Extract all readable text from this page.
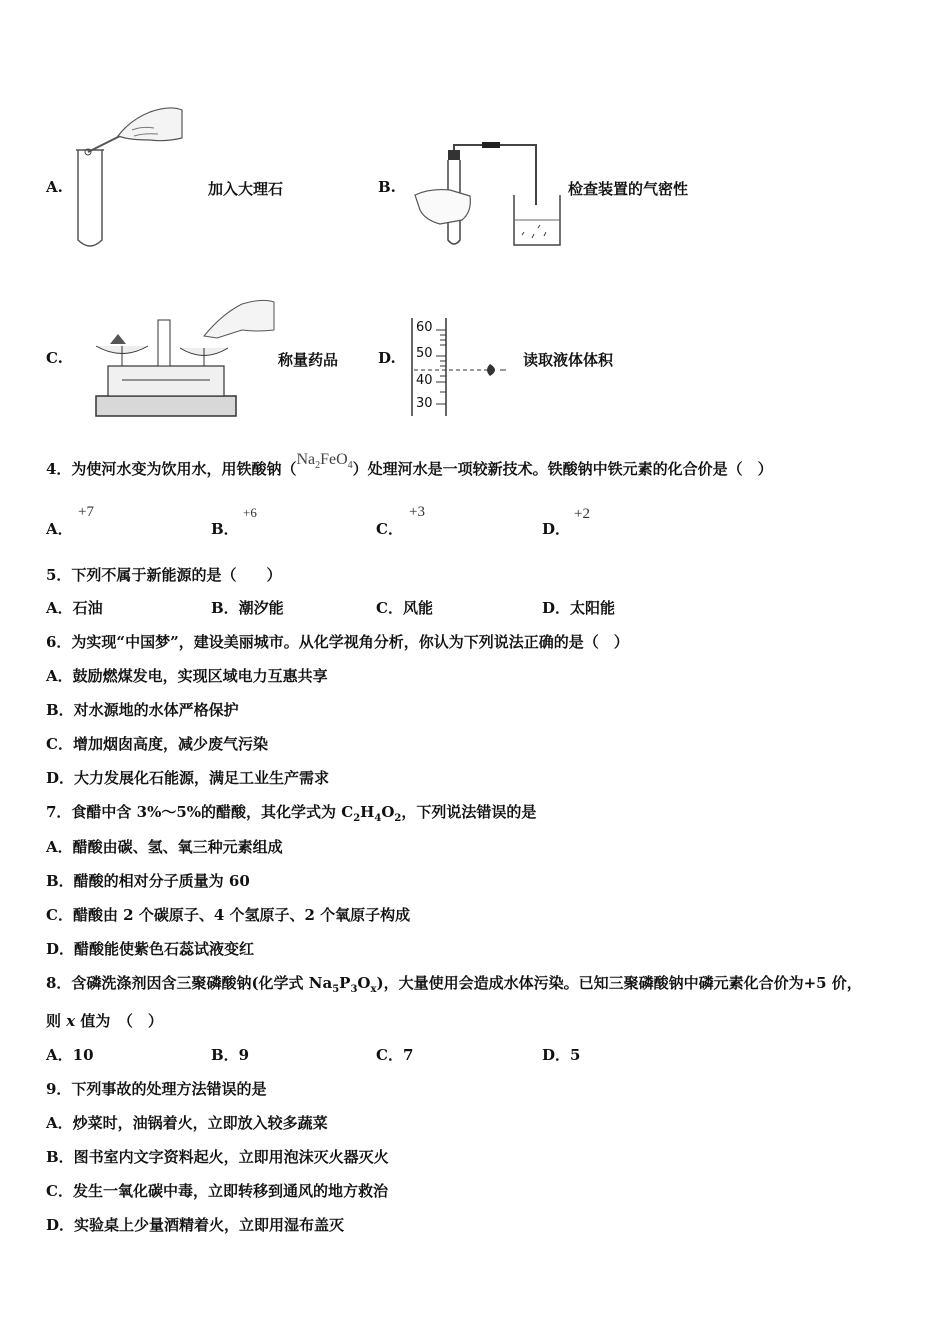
A.	加入大理石	B.	检查装置的气密性
C.	称量药品	D.
60
50
40
30
读取液体体积
4．为使河水变为饮用水，用铁酸钠$(Na_2FeO_4)$处理河水是一项较新技术。铁酸钠中铁元素的化合价是（　）
A．
+7
B．
+6
C．
+3
D．
+2
5．下列不属于新能源的是（　　）
A．石油	B．潮汐能	C．风能	D．太阳能
6．为实现“中国梦”，建设美丽城市。从化学视角分析，你认为下列说法正确的是（　）
A．鼓励燃煤发电，实现区域电力互惠共享
B．对水源地的水体严格保护
C．增加烟囱高度，减少废气污染
D．大力发展化石能源，满足工业生产需求
7．食醋中含 3%～5%的醋酸，其化学式为 $C_2H_4O_2$，下列说法错误的是
A．醋酸由碳、氢、氧三种元素组成
B．醋酸的相对分子质量为 60
C．醋酸由 2 个碳原子、4 个氢原子、2 个氧原子构成
D．醋酸能使紫色石蕊试液变红
8．含磷洗涤剂因含三聚磷酸钠(化学式 $Na_5P_3O_x$)，大量使用会造成水体污染。已知三聚磷酸钠中磷元素化合价为+5 价，
则 x 值为　（　）
A．10	B．9	C．7	D．5
9．下列事故的处理方法错误的是
A．炒菜时，油锅着火，立即放入较多蔬菜
B．图书室内文字资料起火，立即用泡沫灭火器灭火
C．发生一氧化碳中毒，立即转移到通风的地方救治
D．实验桌上少量酒精着火，立即用湿布盖灭
